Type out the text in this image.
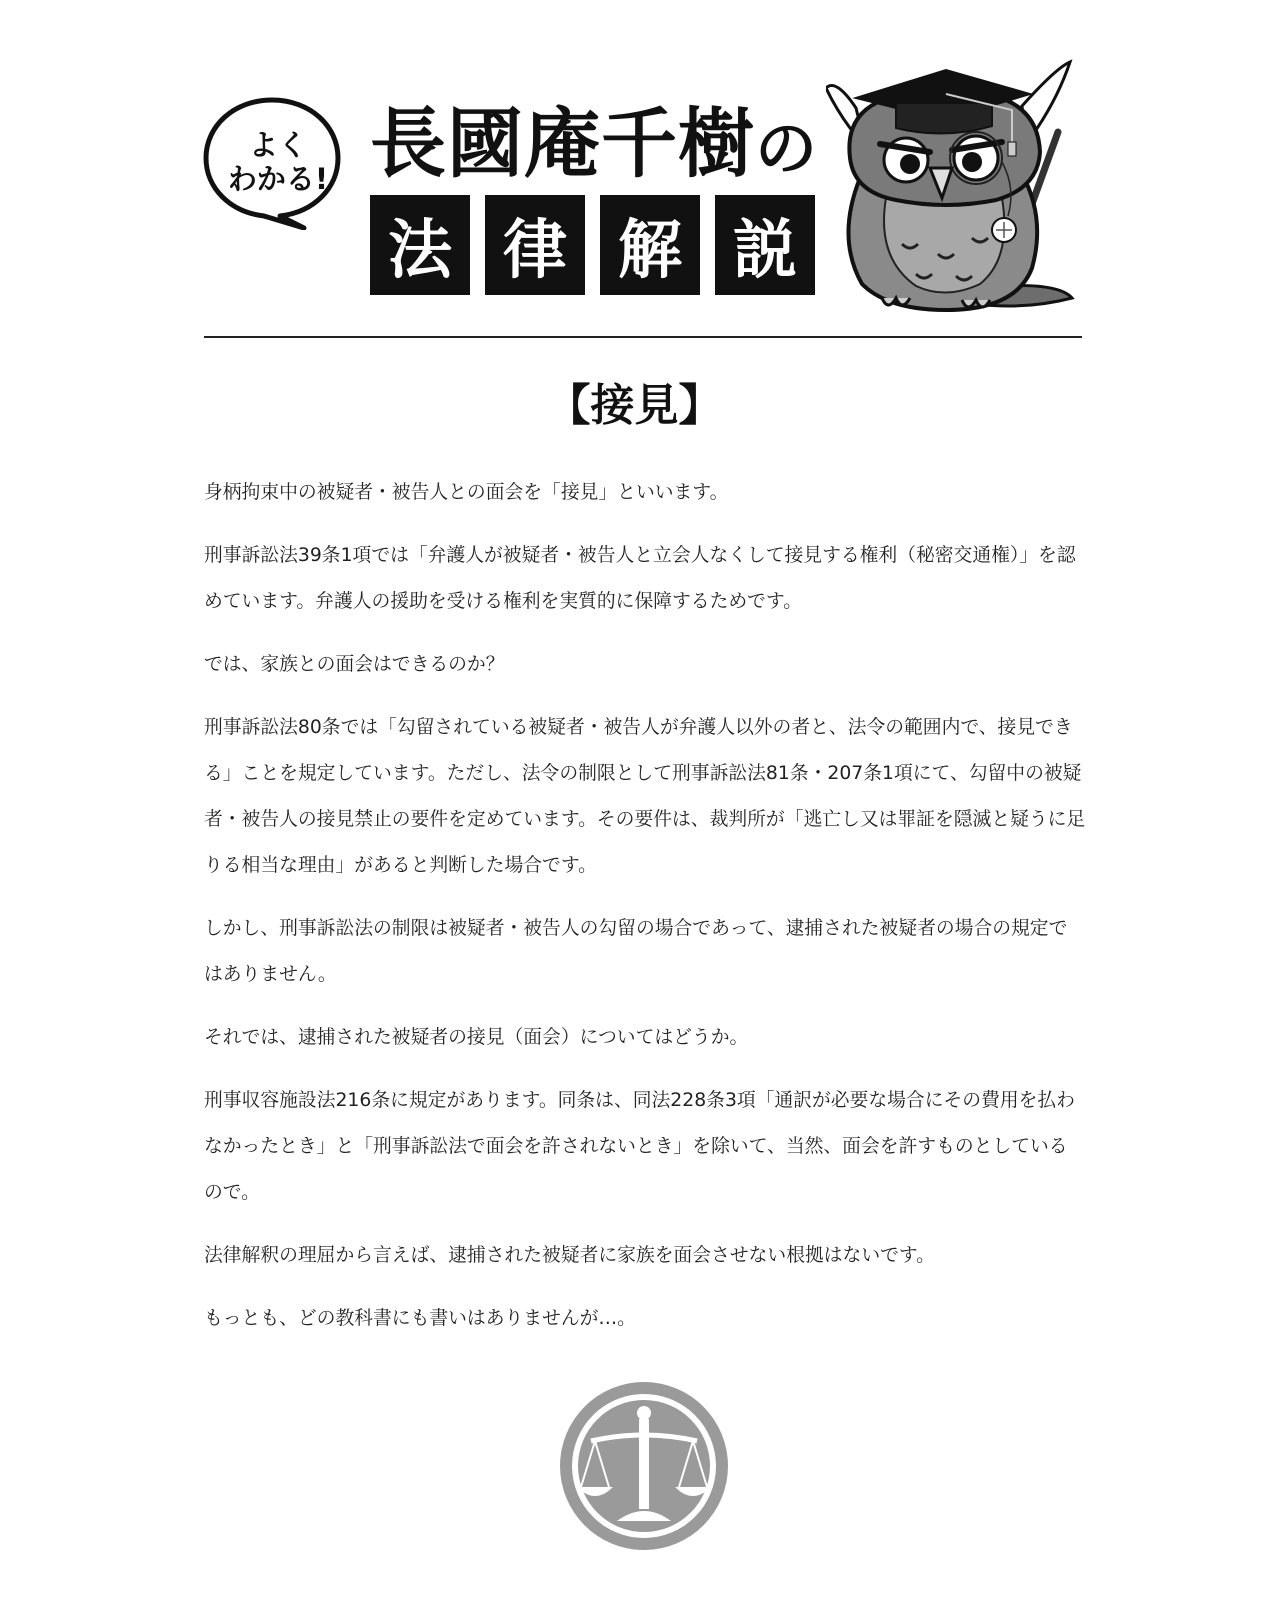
よく
わかる! 長國庵千樹の
法 律 解 説
【接見】

身柄拘束中の被疑者・被告人との面会を「接見」といいます。

刑事訴訟法39条1項では「弁護人が被疑者・被告人と立会人なくして接見する権利（秘密交通権）」を認めています。弁護人の援助を受ける権利を実質的に保障するためです。

では、家族との面会はできるのか？

刑事訴訟法80条では「勾留されている被疑者・被告人が弁護人以外の者と、法令の範囲内で、接見できる」ことを規定しています。ただし、法令の制限として刑事訴訟法81条・207条1項にて、勾留中の被疑者・被告人の接見禁止の要件を定めています。その要件は、裁判所が「逃亡し又は罪証を隠滅と疑うに足りる相当な理由」があると判断した場合です。

しかし、刑事訴訟法の制限は被疑者・被告人の勾留の場合であって、逮捕された被疑者の場合の規定ではありません。

それでは、逮捕された被疑者の接見（面会）についてはどうか。

刑事収容施設法216条に規定があります。同条は、同法228条3項「通訳が必要な場合にその費用を払わなかったとき」と「刑事訴訟法で面会を許されないとき」を除いて、当然、面会を許すものとしているので。

法律解釈の理屈から言えば、逮捕された被疑者に家族を面会させない根拠はないです。

もっとも、どの教科書にも書いはありませんが…。
